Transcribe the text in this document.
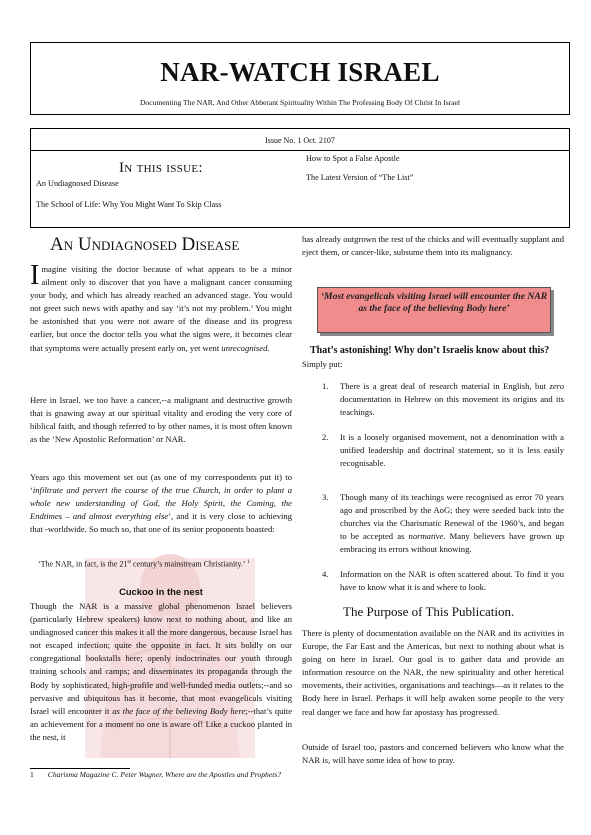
NAR-WATCH ISRAEL
Documenting The NAR, And Other Abberant Spirituality Within The Professing Body Of Christ In Israel
Issue No. 1 Oct. 2107
In this issue:
An Undiagnosed Disease
The School of Life: Why You Might Want To Skip Class
How to Spot a False Apostle
The Latest Version of “The List”
An Undiagnosed Disease
Imagine visiting the doctor because of what appears to be a minor ailment only to discover that you have a malignant cancer consuming your body, and which has already reached an advanced stage. You would not greet such news with apathy and say ‘it’s not my problem.’ You might be astonished that you were not aware of the disease and its progress earlier, but once the doctor tells you what the signs were, it becomes clear that symptoms were actually present early on, yet went unrecognised.
Here in Israel. we too have a cancer,--a malignant and destructive growth that is gnawing away at our spiritual vitality and eroding the very core of biblical faith, and though referred to by other names, it is most often known as the ‘New Apostolic Reformation’ or NAR.
Years ago this movement set out (as one of my correspondents put it) to ‘infiltrate and pervert the course of the true Church, in order to plant a whole new understanding of God, the Holy Spirit, the Coming, the Endtimes – and almost everything else’, and it is very close to achieving that -worldwide. So much so, that one of its senior proponents boasted:
‘The NAR, in fact, is the 21st century’s mainstream Christianity.’ $^1$
Cuckoo in the nest
Though the NAR is a massive global phenomenon Israel believers (particularly Hebrew speakers) know next to nothing about, and like an undiagnosed cancer this makes it all the more dangerous, because Israel has not escaped infection; quite the opposite in fact. It sits boldly on our congregational bookstalls here; openly indoctrinates our youth through training schools and camps; and disseminates its propaganda through the Body by sophisticated, high-profile and well-funded media outlets;--and so pervasive and ubiquitous has it become, that most evangelicals visiting Israel will encounter it as the face of the believing Body here;--that’s quite an achievement for a moment no one is aware of! Like a cuckoo planted in the nest, it
has already outgrown the rest of the chicks and will eventually supplant and eject them, or cancer-like, subsume them into its malignancy.
‘Most evangelicals visiting Israel will encounter the NAR as the face of the believing Body here’
That’s astonishing! Why don’t Israelis know about this?
Simply put:
1. There is a great deal of research material in English, but zero documentation in Hebrew on this movement its origins and its teachings.
2. It is a loosely organised movement, not a denomination with a unified leadership and doctrinal statement, so it is less easily recognisable.
3. Though many of its teachings were recognised as error 70 years ago and proscribed by the AoG; they were seeded back into the churches via the Charismatic Renewal of the 1960’s, and began to be accepted as normative. Many believers have grown up embracing its errors without knowing.
4. Information on the NAR is often scattered about. To find it you have to know what it is and where to look.
The Purpose of This Publication.
There is plenty of documentation available on the NAR and its activities in Europe, the Far East and the Americas, but next to nothing about what is going on here in Israel. Our goal is to gather data and provide an information resource on the NAR, the new spirituality and other heretical movements, their activities, organisations and teachings—as it relates to the Body here in Israel. Perhaps it will help awaken some people to the very real danger we face and how far apostasy has progressed.
Outside of Israel too, pastors and concerned believers who know what the NAR is, will have some idea of how to pray.
1 Charisma Magazine C. Peter Wagner, Where are the Apostles and Prophets?
